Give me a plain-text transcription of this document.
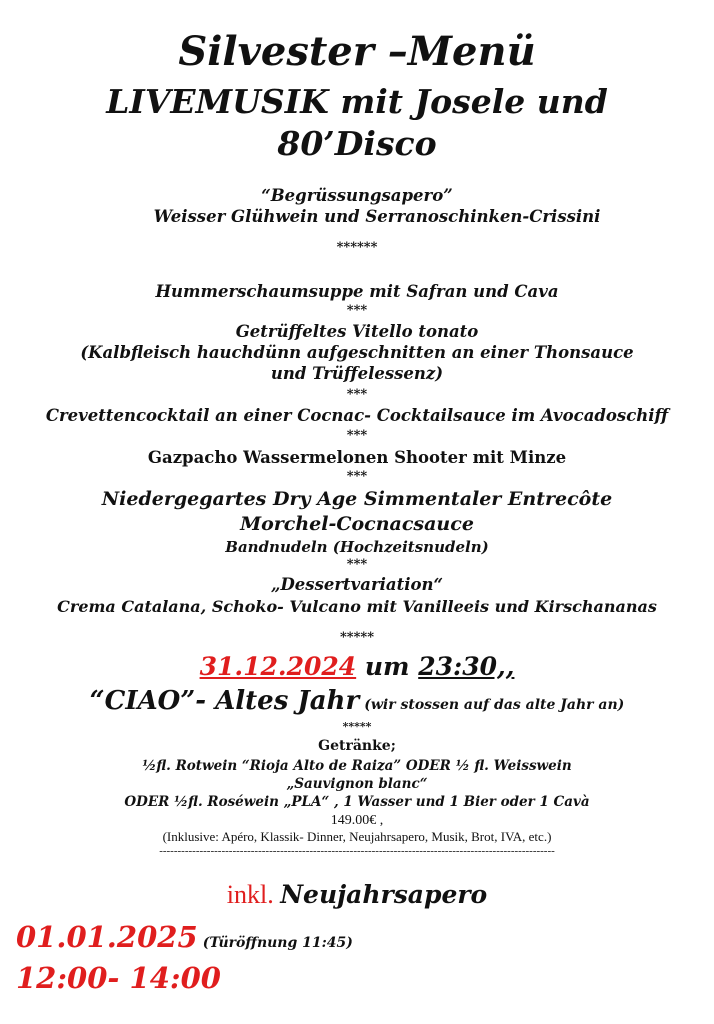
Silvester –Menü
LIVEMUSIK mit Josele und
80’Disco
“Begrüssungsapero”
Weisser Glühwein und Serranoschinken-Crissini
******
Hummerschaumsuppe mit Safran und Cava
***
Getrüffeltes Vitello tonato
(Kalbfleisch hauchdünn aufgeschnitten an einer Thonsauce
und Trüffelessenz)
***
Crevettencocktail an einer Cocnac- Cocktailsauce im Avocadoschiff
***
Gazpacho Wassermelonen Shooter mit Minze
***
Niedergegartes Dry Age Simmentaler Entrecôte
Morchel-Cocnacsauce
Bandnudeln (Hochzeitsnudeln)
***
„Dessertvariation“
Crema Catalana, Schoko- Vulcano mit Vanilleeis und Kirschananas
*****
31.12.2024 um 23:30,,
“CIAO”- Altes Jahr (wir stossen auf das alte Jahr an)
*****
Getränke;
½fl. Rotwein “Rioja Alto de Raiza” ODER ½ fl. Weisswein
„Sauvignon blanc“
ODER ½fl. Roséwein „PLA“ , 1 Wasser und 1 Bier oder 1 Cavà
149.00€ ,
(Inklusive: Apéro, Klassik- Dinner, Neujahrsapero, Musik, Brot, IVA, etc.)
------------------------------------------------------------------------------------------------------------
inkl. Neujahrsapero
01.01.2025 (Türöffnung 11:45)
12:00- 14:00
